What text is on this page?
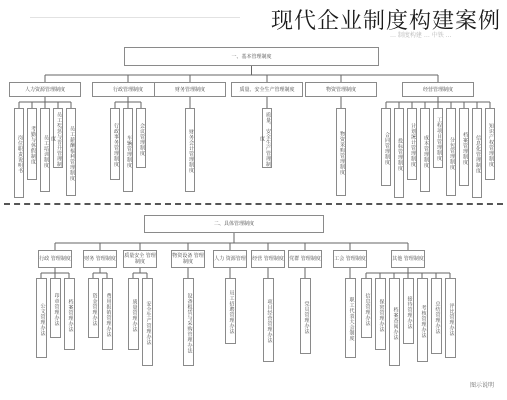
现代企业制度构建案例
… 制度构建 … 中铁 …
一、基本管理制度
人力资源管理制度
岗位职责说明书	考勤与休假制度	员工培训制度	员工奖惩与晋升管理制度	员工薪酬福利管理制度
行政管理制度
行政事务管理制度	车辆管理制度	会议管理制度
财务管理制度
财务会计管理制度
质量、安全生产管理制度
质量、安全生产管理制度
物资管理制度
物资采购管理制度
经营管理制度
合同管理制度	投标管理制度	计划统计管理制度	成本管理制度	工程项目管理制度	分包管理制度	档案管理制度	信息化管理制度	知识产权管理制度
二、具体管理制度
行政 管理制度
公文管理办法	印章管理办法	档案管理办法
财务 管理制度
资金管理办法	费用报销管理办法
质量安全 管理制度
质量管理办法	安全生产管理办法
物资设备 管理制度
设备租赁与采购管理办法
人力 资源管理
员工招聘管理办法
经营 管理制度
项目经营管理办法
党群 管理制度
党员管理办法
工会 管理制度
职工代表大会制度
其他 管理制度
信息管理办法	保密管理办法	档案查阅办法	接待管理办法	考核管理办法	总结管理办法	评比管理办法
图示说明
